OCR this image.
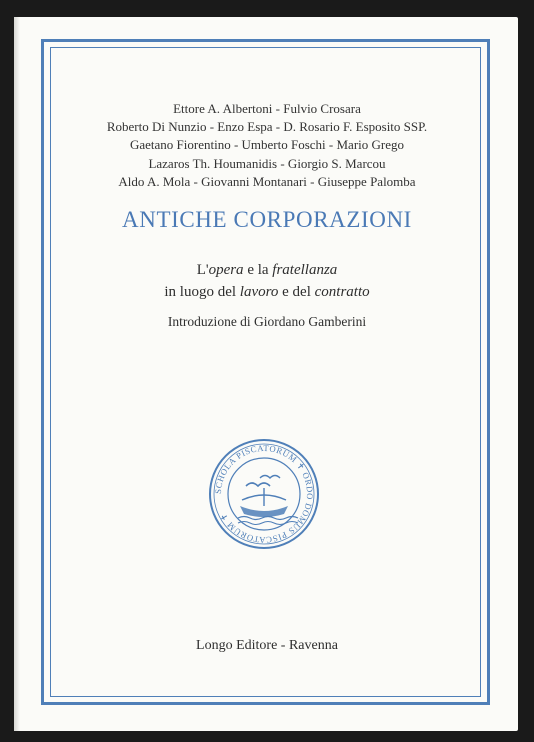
Ettore A. Albertoni - Fulvio Crosara
Roberto Di Nunzio - Enzo Espa - D. Rosario F. Esposito SSP.
Gaetano Fiorentino - Umberto Foschi - Mario Grego
Lazaros Th. Houmanidis - Giorgio S. Marcou
Aldo A. Mola - Giovanni Montanari - Giuseppe Palomba
ANTICHE CORPORAZIONI
L'opera e la fratellanza
in luogo del lavoro e del contratto
Introduzione di Giordano Gamberini
SCHOLA PISCATORUM ✝ ORDO DOMUS PISCATORUM ✝
Longo Editore - Ravenna
